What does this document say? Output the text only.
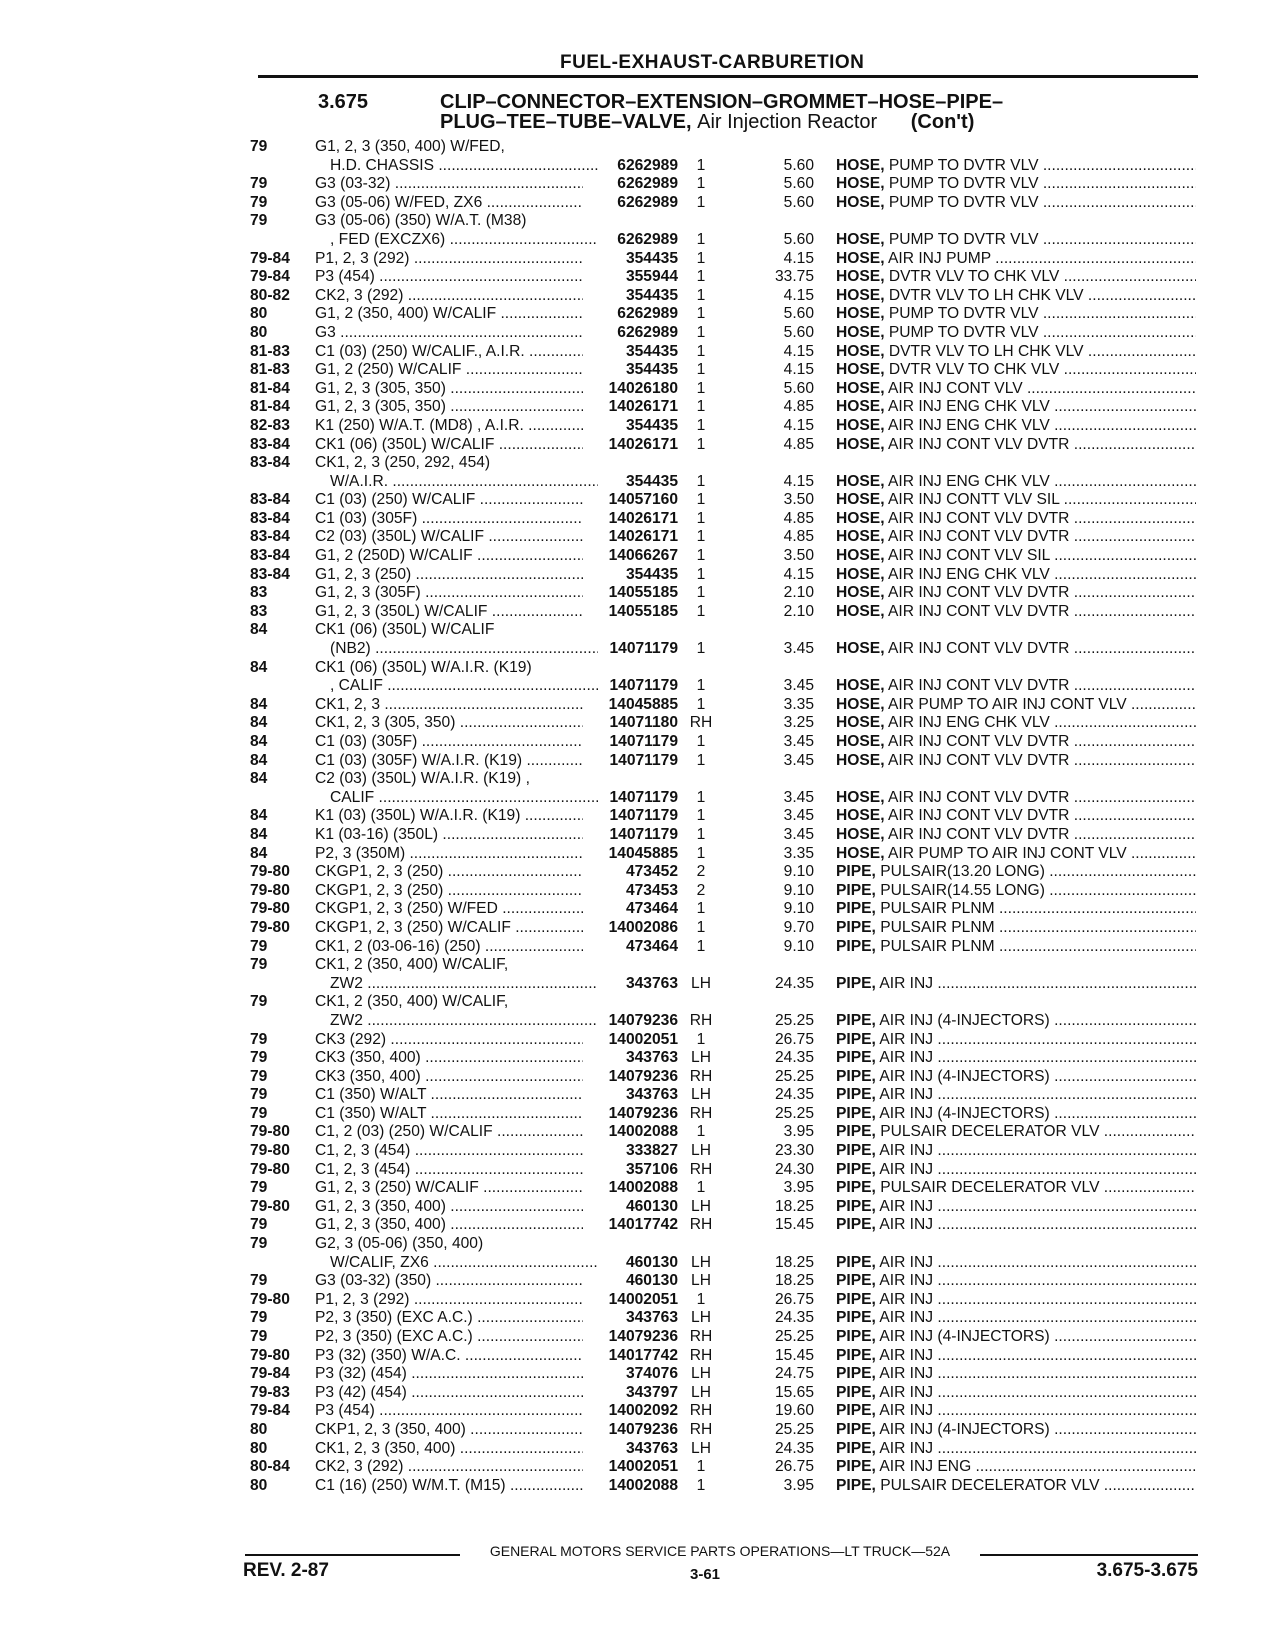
FUEL-EXHAUST-CARBURETION
3.675	CLIP–CONNECTOR–EXTENSION–GROMMET–HOSE–PIPE–
PLUG–TEE–TUBE–VALVE, Air Injection Reactor (Con't)
79	G1, 2, 3 (350, 400) W/FED,
H.D. CHASSIS .....	6262989	1	5.60 HOSE, PUMP TO DVTR VLV .....
79	G3 (03-32) .....	6262989	1	5.60 HOSE, PUMP TO DVTR VLV .....
79	G3 (05-06) W/FED, ZX6 .....	6262989	1	5.60 HOSE, PUMP TO DVTR VLV .....
79	G3 (05-06) (350) W/A.T. (M38)
, FED (EXCZX6) .....	6262989	1	5.60 HOSE, PUMP TO DVTR VLV .....
79-84 P1, 2, 3 (292) .....	354435	1	4.15 HOSE, AIR INJ PUMP .....
79-84 P3 (454) .....	355944	1	33.75 HOSE, DVTR VLV TO CHK VLV .....
80-82 CK2, 3 (292) .....	354435	1	4.15 HOSE, DVTR VLV TO LH CHK VLV .....
80	G1, 2 (350, 400) W/CALIF .....	6262989	1	5.60 HOSE, PUMP TO DVTR VLV .....
80	G3 .....	6262989	1	5.60 HOSE, PUMP TO DVTR VLV .....
81-83 C1 (03) (250) W/CALIF., A.I.R. .....	354435	1	4.15 HOSE, DVTR VLV TO LH CHK VLV .....
81-83 G1, 2 (250) W/CALIF .....	354435	1	4.15 HOSE, DVTR VLV TO CHK VLV .....
81-84 G1, 2, 3 (305, 350) .....	14026180	1	5.60 HOSE, AIR INJ CONT VLV .....
81-84 G1, 2, 3 (305, 350) .....	14026171	1	4.85 HOSE, AIR INJ ENG CHK VLV .....
82-83 K1 (250) W/A.T. (MD8) , A.I.R. .....	354435	1	4.15 HOSE, AIR INJ ENG CHK VLV .....
83-84 CK1 (06) (350L) W/CALIF .....	14026171	1	4.85 HOSE, AIR INJ CONT VLV DVTR .....
83-84 CK1, 2, 3 (250, 292, 454)
W/A.I.R. .....	354435	1	4.15 HOSE, AIR INJ ENG CHK VLV .....
83-84 C1 (03) (250) W/CALIF .....	14057160	1	3.50 HOSE, AIR INJ CONTT VLV SIL .....
83-84 C1 (03) (305F) .....	14026171	1	4.85 HOSE, AIR INJ CONT VLV DVTR .....
83-84 C2 (03) (350L) W/CALIF .....	14026171	1	4.85 HOSE, AIR INJ CONT VLV DVTR .....
83-84 G1, 2 (250D) W/CALIF .....	14066267	1	3.50 HOSE, AIR INJ CONT VLV SIL .....
83-84 G1, 2, 3 (250) .....	354435	1	4.15 HOSE, AIR INJ ENG CHK VLV .....
83	G1, 2, 3 (305F) .....	14055185	1	2.10 HOSE, AIR INJ CONT VLV DVTR .....
83	G1, 2, 3 (350L) W/CALIF .....	14055185	1	2.10 HOSE, AIR INJ CONT VLV DVTR .....
84	CK1 (06) (350L) W/CALIF
(NB2) .....	14071179	1	3.45 HOSE, AIR INJ CONT VLV DVTR .....
84	CK1 (06) (350L) W/A.I.R. (K19)
, CALIF .....	14071179	1	3.45 HOSE, AIR INJ CONT VLV DVTR .....
84	CK1, 2, 3 .....	14045885	1	3.35 HOSE, AIR PUMP TO AIR INJ CONT VLV .....
84	CK1, 2, 3 (305, 350) .....	14071180 RH	3.25 HOSE, AIR INJ ENG CHK VLV .....
84	C1 (03) (305F) .....	14071179	1	3.45 HOSE, AIR INJ CONT VLV DVTR .....
84	C1 (03) (305F) W/A.I.R. (K19) .....	14071179	1	3.45 HOSE, AIR INJ CONT VLV DVTR .....
84	C2 (03) (350L) W/A.I.R. (K19) ,
CALIF .....	14071179	1	3.45 HOSE, AIR INJ CONT VLV DVTR .....
84	K1 (03) (350L) W/A.I.R. (K19) .....	14071179	1	3.45 HOSE, AIR INJ CONT VLV DVTR .....
84	K1 (03-16) (350L) .....	14071179	1	3.45 HOSE, AIR INJ CONT VLV DVTR .....
84	P2, 3 (350M) .....	14045885	1	3.35 HOSE, AIR PUMP TO AIR INJ CONT VLV .....
79-80 CKGP1, 2, 3 (250) .....	473452	2	9.10 PIPE, PULSAIR(13.20 LONG) .....
79-80 CKGP1, 2, 3 (250) .....	473453	2	9.10 PIPE, PULSAIR(14.55 LONG) .....
79-80 CKGP1, 2, 3 (250) W/FED .....	473464	1	9.10 PIPE, PULSAIR PLNM .....
79-80 CKGP1, 2, 3 (250) W/CALIF .....	14002086	1	9.70 PIPE, PULSAIR PLNM .....
79	CK1, 2 (03-06-16) (250) .....	473464	1	9.10 PIPE, PULSAIR PLNM .....
79	CK1, 2 (350, 400) W/CALIF,
ZW2 .....	343763 LH	24.35 PIPE, AIR INJ .....
79	CK1, 2 (350, 400) W/CALIF,
ZW2 .....	14079236 RH	25.25 PIPE, AIR INJ (4-INJECTORS) .....
79	CK3 (292) .....	14002051	1	26.75 PIPE, AIR INJ .....
79	CK3 (350, 400) .....	343763 LH	24.35 PIPE, AIR INJ .....
79	CK3 (350, 400) .....	14079236 RH	25.25 PIPE, AIR INJ (4-INJECTORS) .....
79	C1 (350) W/ALT .....	343763 LH	24.35 PIPE, AIR INJ .....
79	C1 (350) W/ALT .....	14079236 RH	25.25 PIPE, AIR INJ (4-INJECTORS) .....
79-80 C1, 2 (03) (250) W/CALIF .....	14002088	1	3.95 PIPE, PULSAIR DECELERATOR VLV .....
79-80 C1, 2, 3 (454) .....	333827 LH	23.30 PIPE, AIR INJ .....
79-80 C1, 2, 3 (454) .....	357106 RH	24.30 PIPE, AIR INJ .....
79	G1, 2, 3 (250) W/CALIF .....	14002088	1	3.95 PIPE, PULSAIR DECELERATOR VLV .....
79-80 G1, 2, 3 (350, 400) .....	460130 LH	18.25 PIPE, AIR INJ .....
79	G1, 2, 3 (350, 400) .....	14017742 RH	15.45 PIPE, AIR INJ .....
79	G2, 3 (05-06) (350, 400)
W/CALIF, ZX6 .....	460130 LH	18.25 PIPE, AIR INJ .....
79	G3 (03-32) (350) .....	460130 LH	18.25 PIPE, AIR INJ .....
79-80 P1, 2, 3 (292) .....	14002051	1	26.75 PIPE, AIR INJ .....
79	P2, 3 (350) (EXC A.C.) .....	343763 LH	24.35 PIPE, AIR INJ .....
79	P2, 3 (350) (EXC A.C.) .....	14079236 RH	25.25 PIPE, AIR INJ (4-INJECTORS) .....
79-80 P3 (32) (350) W/A.C. .....	14017742 RH	15.45 PIPE, AIR INJ .....
79-84 P3 (32) (454) .....	374076 LH	24.75 PIPE, AIR INJ .....
79-83 P3 (42) (454) .....	343797 LH	15.65 PIPE, AIR INJ .....
79-84 P3 (454) .....	14002092 RH	19.60 PIPE, AIR INJ .....
80	CKP1, 2, 3 (350, 400) .....	14079236 RH	25.25 PIPE, AIR INJ (4-INJECTORS) .....
80	CK1, 2, 3 (350, 400) .....	343763 LH	24.35 PIPE, AIR INJ .....
80-84 CK2, 3 (292) .....	14002051	1	26.75 PIPE, AIR INJ ENG .....
80	C1 (16) (250) W/M.T. (M15) .....	14002088	1	3.95 PIPE, PULSAIR DECELERATOR VLV .....
GENERAL MOTORS SERVICE PARTS OPERATIONS—LT TRUCK—52A
REV. 2-87	3-61	3.675-3.675
